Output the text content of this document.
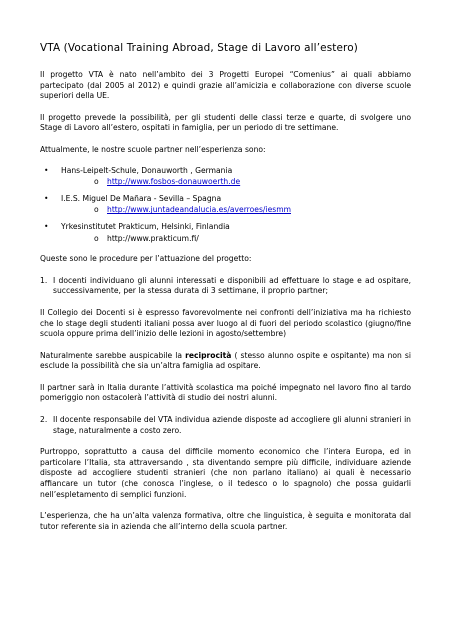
VTA (Vocational Training Abroad, Stage di Lavoro all’estero)

Il progetto VTA è nato nell’ambito dei 3 Progetti Europei “Comenius” ai quali abbiamo partecipato (dal 2005 al 2012) e quindi grazie all’amicizia e collaborazione con diverse scuole superiori della UE.

Il progetto prevede la possibilità, per gli studenti delle classi terze e quarte, di svolgere uno Stage di Lavoro all’estero, ospitati in famiglia, per un periodo di tre settimane.

Attualmente, le nostre scuole partner nell’esperienza sono:

• Hans-Leipelt-Schule, Donauworth , Germania
o http://www.fosbos-donauwoerth.de
• I.E.S. Miguel De Mañara - Sevilla – Spagna
o http://www.juntadeandalucia.es/averroes/iesmm
• Yrkesinstitutet Prakticum, Helsinki, Finlandia
o http://www.prakticum.fi/

Queste sono le procedure per l’attuazione del progetto:

1. I docenti individuano gli alunni interessati e disponibili ad effettuare lo stage e ad ospitare, successivamente, per la stessa durata di 3 settimane, il proprio partner;

Il Collegio dei Docenti si è espresso favorevolmente nei confronti dell’iniziativa ma ha richiesto che lo stage degli studenti italiani possa aver luogo al di fuori del periodo scolastico (giugno/fine scuola oppure prima dell’inizio delle lezioni in agosto/settembre)

Naturalmente sarebbe auspicabile la reciprocità ( stesso alunno ospite e ospitante) ma non si esclude la possibilità che sia un’altra famiglia ad ospitare.

Il partner sarà in Italia durante l’attività scolastica ma poiché impegnato nel lavoro fino al tardo pomeriggio non ostacolerà l’attività di studio dei nostri alunni.

2. Il docente responsabile del VTA individua aziende disposte ad accogliere gli alunni stranieri in stage, naturalmente a costo zero.

Purtroppo, soprattutto a causa del difficile momento economico che l’intera Europa, ed in particolare l’Italia, sta attraversando , sta diventando sempre più difficile, individuare aziende disposte ad accogliere studenti stranieri (che non parlano italiano) ai quali è necessario affiancare un tutor (che conosca l’inglese, o il tedesco o lo spagnolo) che possa guidarli nell’espletamento di semplici funzioni.

L’esperienza, che ha un’alta valenza formativa, oltre che linguistica, è seguita e monitorata dal tutor referente sia in azienda che all’interno della scuola partner.
